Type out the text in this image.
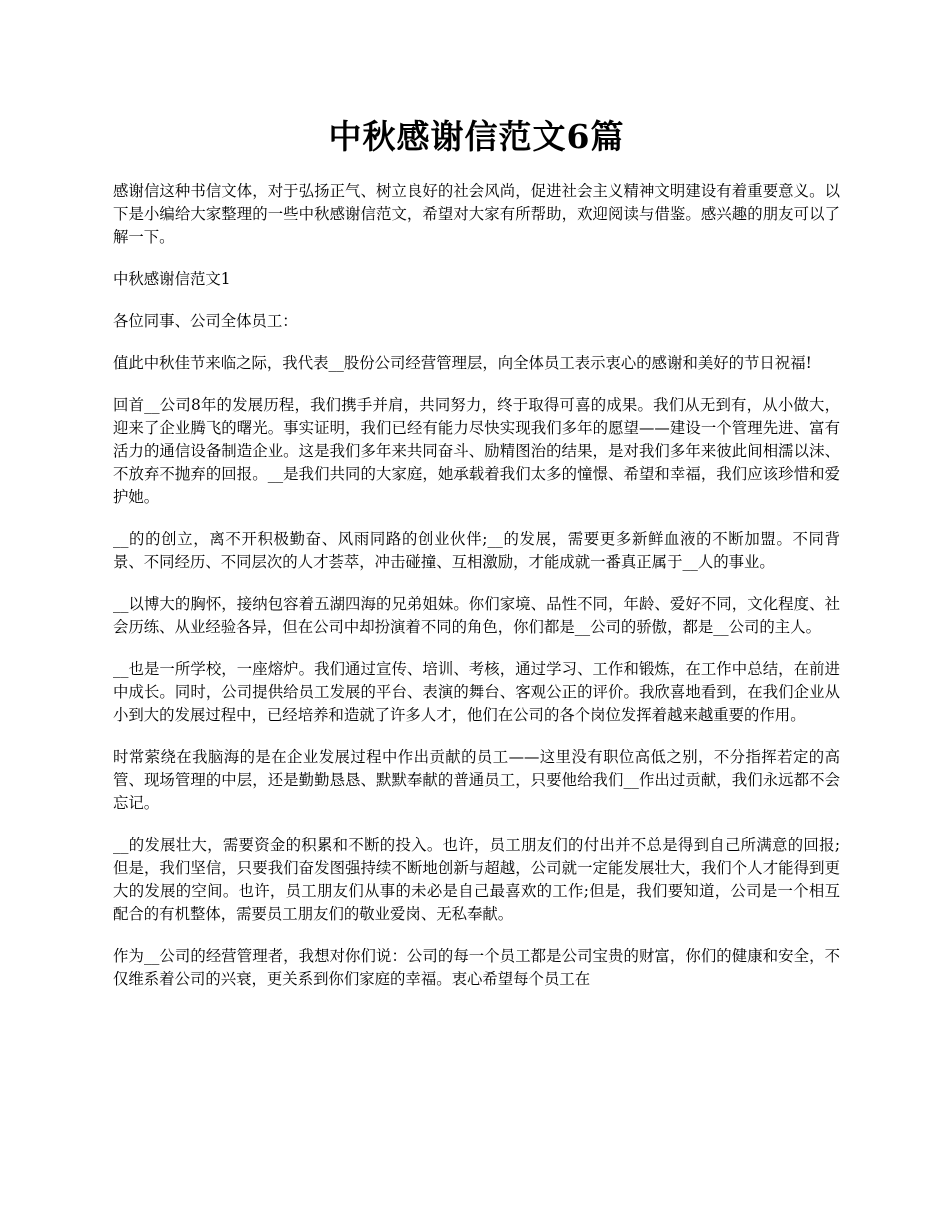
中秋感谢信范文6篇

感谢信这种书信文体，对于弘扬正气、树立良好的社会风尚，促进社会主义精神文明建设有着重要意义。以下是小编给大家整理的一些中秋感谢信范文，希望对大家有所帮助，欢迎阅读与借鉴。感兴趣的朋友可以了解一下。

中秋感谢信范文1

各位同事、公司全体员工：

值此中秋佳节来临之际，我代表__股份公司经营管理层，向全体员工表示衷心的感谢和美好的节日祝福!

回首__公司8年的发展历程，我们携手并肩，共同努力，终于取得可喜的成果。我们从无到有，从小做大，迎来了企业腾飞的曙光。事实证明，我们已经有能力尽快实现我们多年的愿望——建设一个管理先进、富有活力的通信设备制造企业。这是我们多年来共同奋斗、励精图治的结果，是对我们多年来彼此间相濡以沫、不放弃不抛弃的回报。__是我们共同的大家庭，她承载着我们太多的憧憬、希望和幸福，我们应该珍惜和爱护她。

__的的创立，离不开积极勤奋、风雨同路的创业伙伴;__的发展，需要更多新鲜血液的不断加盟。不同背景、不同经历、不同层次的人才荟萃，冲击碰撞、互相激励，才能成就一番真正属于__人的事业。

__以博大的胸怀，接纳包容着五湖四海的兄弟姐妹。你们家境、品性不同，年龄、爱好不同，文化程度、社会历练、从业经验各异，但在公司中却扮演着不同的角色，你们都是__公司的骄傲，都是__公司的主人。

__也是一所学校，一座熔炉。我们通过宣传、培训、考核，通过学习、工作和锻炼，在工作中总结，在前进中成长。同时，公司提供给员工发展的平台、表演的舞台、客观公正的评价。我欣喜地看到，在我们企业从小到大的发展过程中，已经培养和造就了许多人才，他们在公司的各个岗位发挥着越来越重要的作用。

时常萦绕在我脑海的是在企业发展过程中作出贡献的员工——这里没有职位高低之别，不分指挥若定的高管、现场管理的中层，还是勤勤恳恳、默默奉献的普通员工，只要他给我们__作出过贡献，我们永远都不会忘记。

__的发展壮大，需要资金的积累和不断的投入。也许，员工朋友们的付出并不总是得到自己所满意的回报;但是，我们坚信，只要我们奋发图强持续不断地创新与超越，公司就一定能发展壮大，我们个人才能得到更大的发展的空间。也许，员工朋友们从事的未必是自己最喜欢的工作;但是，我们要知道，公司是一个相互配合的有机整体，需要员工朋友们的敬业爱岗、无私奉献。

作为__公司的经营管理者，我想对你们说：公司的每一个员工都是公司宝贵的财富，你们的健康和安全，不仅维系着公司的兴衰，更关系到你们家庭的幸福。衷心希望每个员工在
